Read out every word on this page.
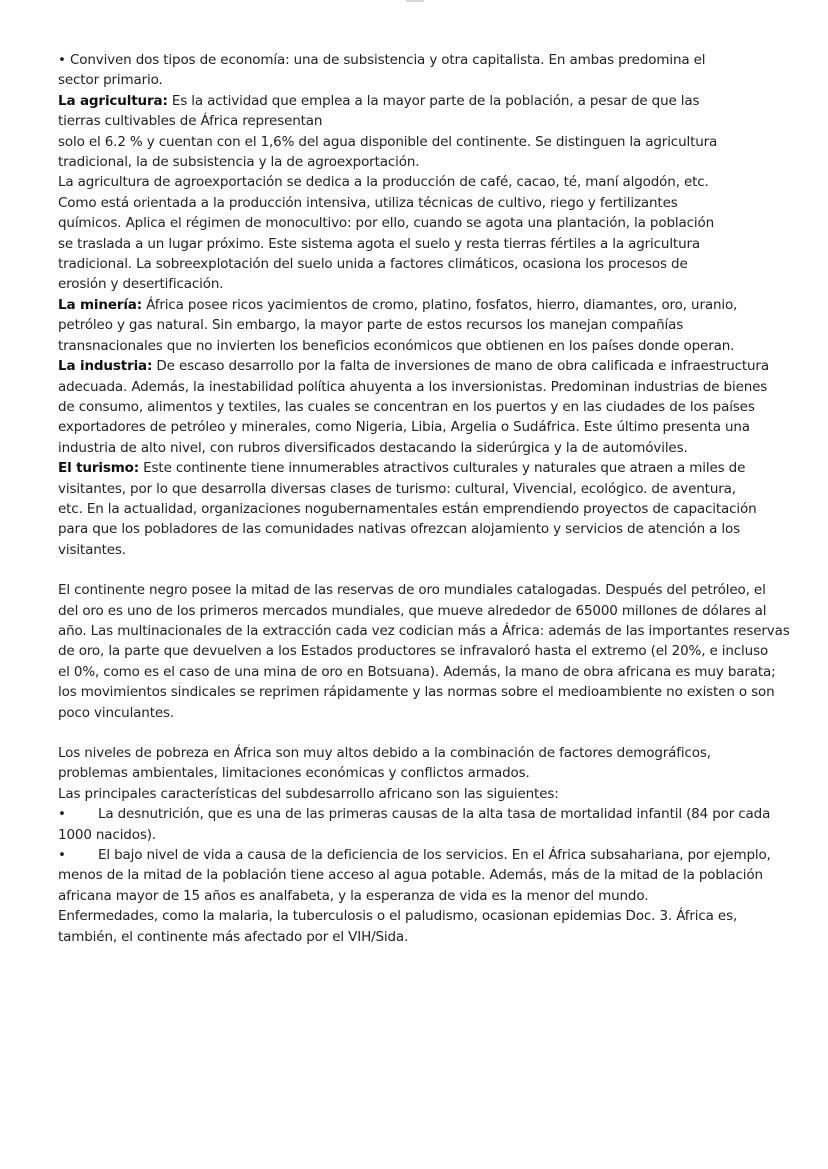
• Conviven dos tipos de economía: una de subsistencia y otra capitalista. En ambas predomina el
sector primario.
La agricultura: Es la actividad que emplea a la mayor parte de la población, a pesar de que las
tierras cultivables de África representan
solo el 6.2 % y cuentan con el 1,6% del agua disponible del continente. Se distinguen la agricultura
tradicional, la de subsistencia y la de agroexportación.
La agricultura de agroexportación se dedica a la producción de café, cacao, té, maní algodón, etc.
Como está orientada a la producción intensiva, utiliza técnicas de cultivo, riego y fertilizantes
químicos. Aplica el régimen de monocultivo: por ello, cuando se agota una plantación, la población
se traslada a un lugar próximo. Este sistema agota el suelo y resta tierras fértiles a la agricultura
tradicional. La sobreexplotación del suelo unida a factores climáticos, ocasiona los procesos de
erosión y desertificación.
La minería: África posee ricos yacimientos de cromo, platino, fosfatos, hierro, diamantes, oro, uranio,
petróleo y gas natural. Sin embargo, la mayor parte de estos recursos los manejan compañías
transnacionales que no invierten los beneficios económicos que obtienen en los países donde operan.
La industria: De escaso desarrollo por la falta de inversiones de mano de obra calificada e infraestructura
adecuada. Además, la inestabilidad política ahuyenta a los inversionistas. Predominan industrias de bienes
de consumo, alimentos y textiles, las cuales se concentran en los puertos y en las ciudades de los países
exportadores de petróleo y minerales, como Nigeria, Libia, Argelia o Sudáfrica. Este último presenta una
industria de alto nivel, con rubros diversificados destacando la siderúrgica y la de automóviles.
El turismo: Este continente tiene innumerables atractivos culturales y naturales que atraen a miles de
visitantes, por lo que desarrolla diversas clases de turismo: cultural, Vivencial, ecológico. de aventura,
etc. En la actualidad, organizaciones nogubernamentales están emprendiendo proyectos de capacitación
para que los pobladores de las comunidades nativas ofrezcan alojamiento y servicios de atención a los
visitantes.
El continente negro posee la mitad de las reservas de oro mundiales catalogadas. Después del petróleo, el
del oro es uno de los primeros mercados mundiales, que mueve alrededor de 65000 millones de dólares al
año. Las multinacionales de la extracción cada vez codician más a África: además de las importantes reservas
de oro, la parte que devuelven a los Estados productores se infravaloró hasta el extremo (el 20%, e incluso
el 0%, como es el caso de una mina de oro en Botsuana). Además, la mano de obra africana es muy barata;
los movimientos sindicales se reprimen rápidamente y las normas sobre el medioambiente no existen o son
poco vinculantes.
Los niveles de pobreza en África son muy altos debido a la combinación de factores demográficos,
problemas ambientales, limitaciones económicas y conflictos armados.
Las principales características del subdesarrollo africano son las siguientes:
• La desnutrición, que es una de las primeras causas de la alta tasa de mortalidad infantil (84 por cada
1000 nacidos).
• El bajo nivel de vida a causa de la deficiencia de los servicios. En el África subsahariana, por ejemplo,
menos de la mitad de la población tiene acceso al agua potable. Además, más de la mitad de la población
africana mayor de 15 años es analfabeta, y la esperanza de vida es la menor del mundo.
Enfermedades, como la malaria, la tuberculosis o el paludismo, ocasionan epidemias Doc. 3. África es,
también, el continente más afectado por el VIH/Sida.
